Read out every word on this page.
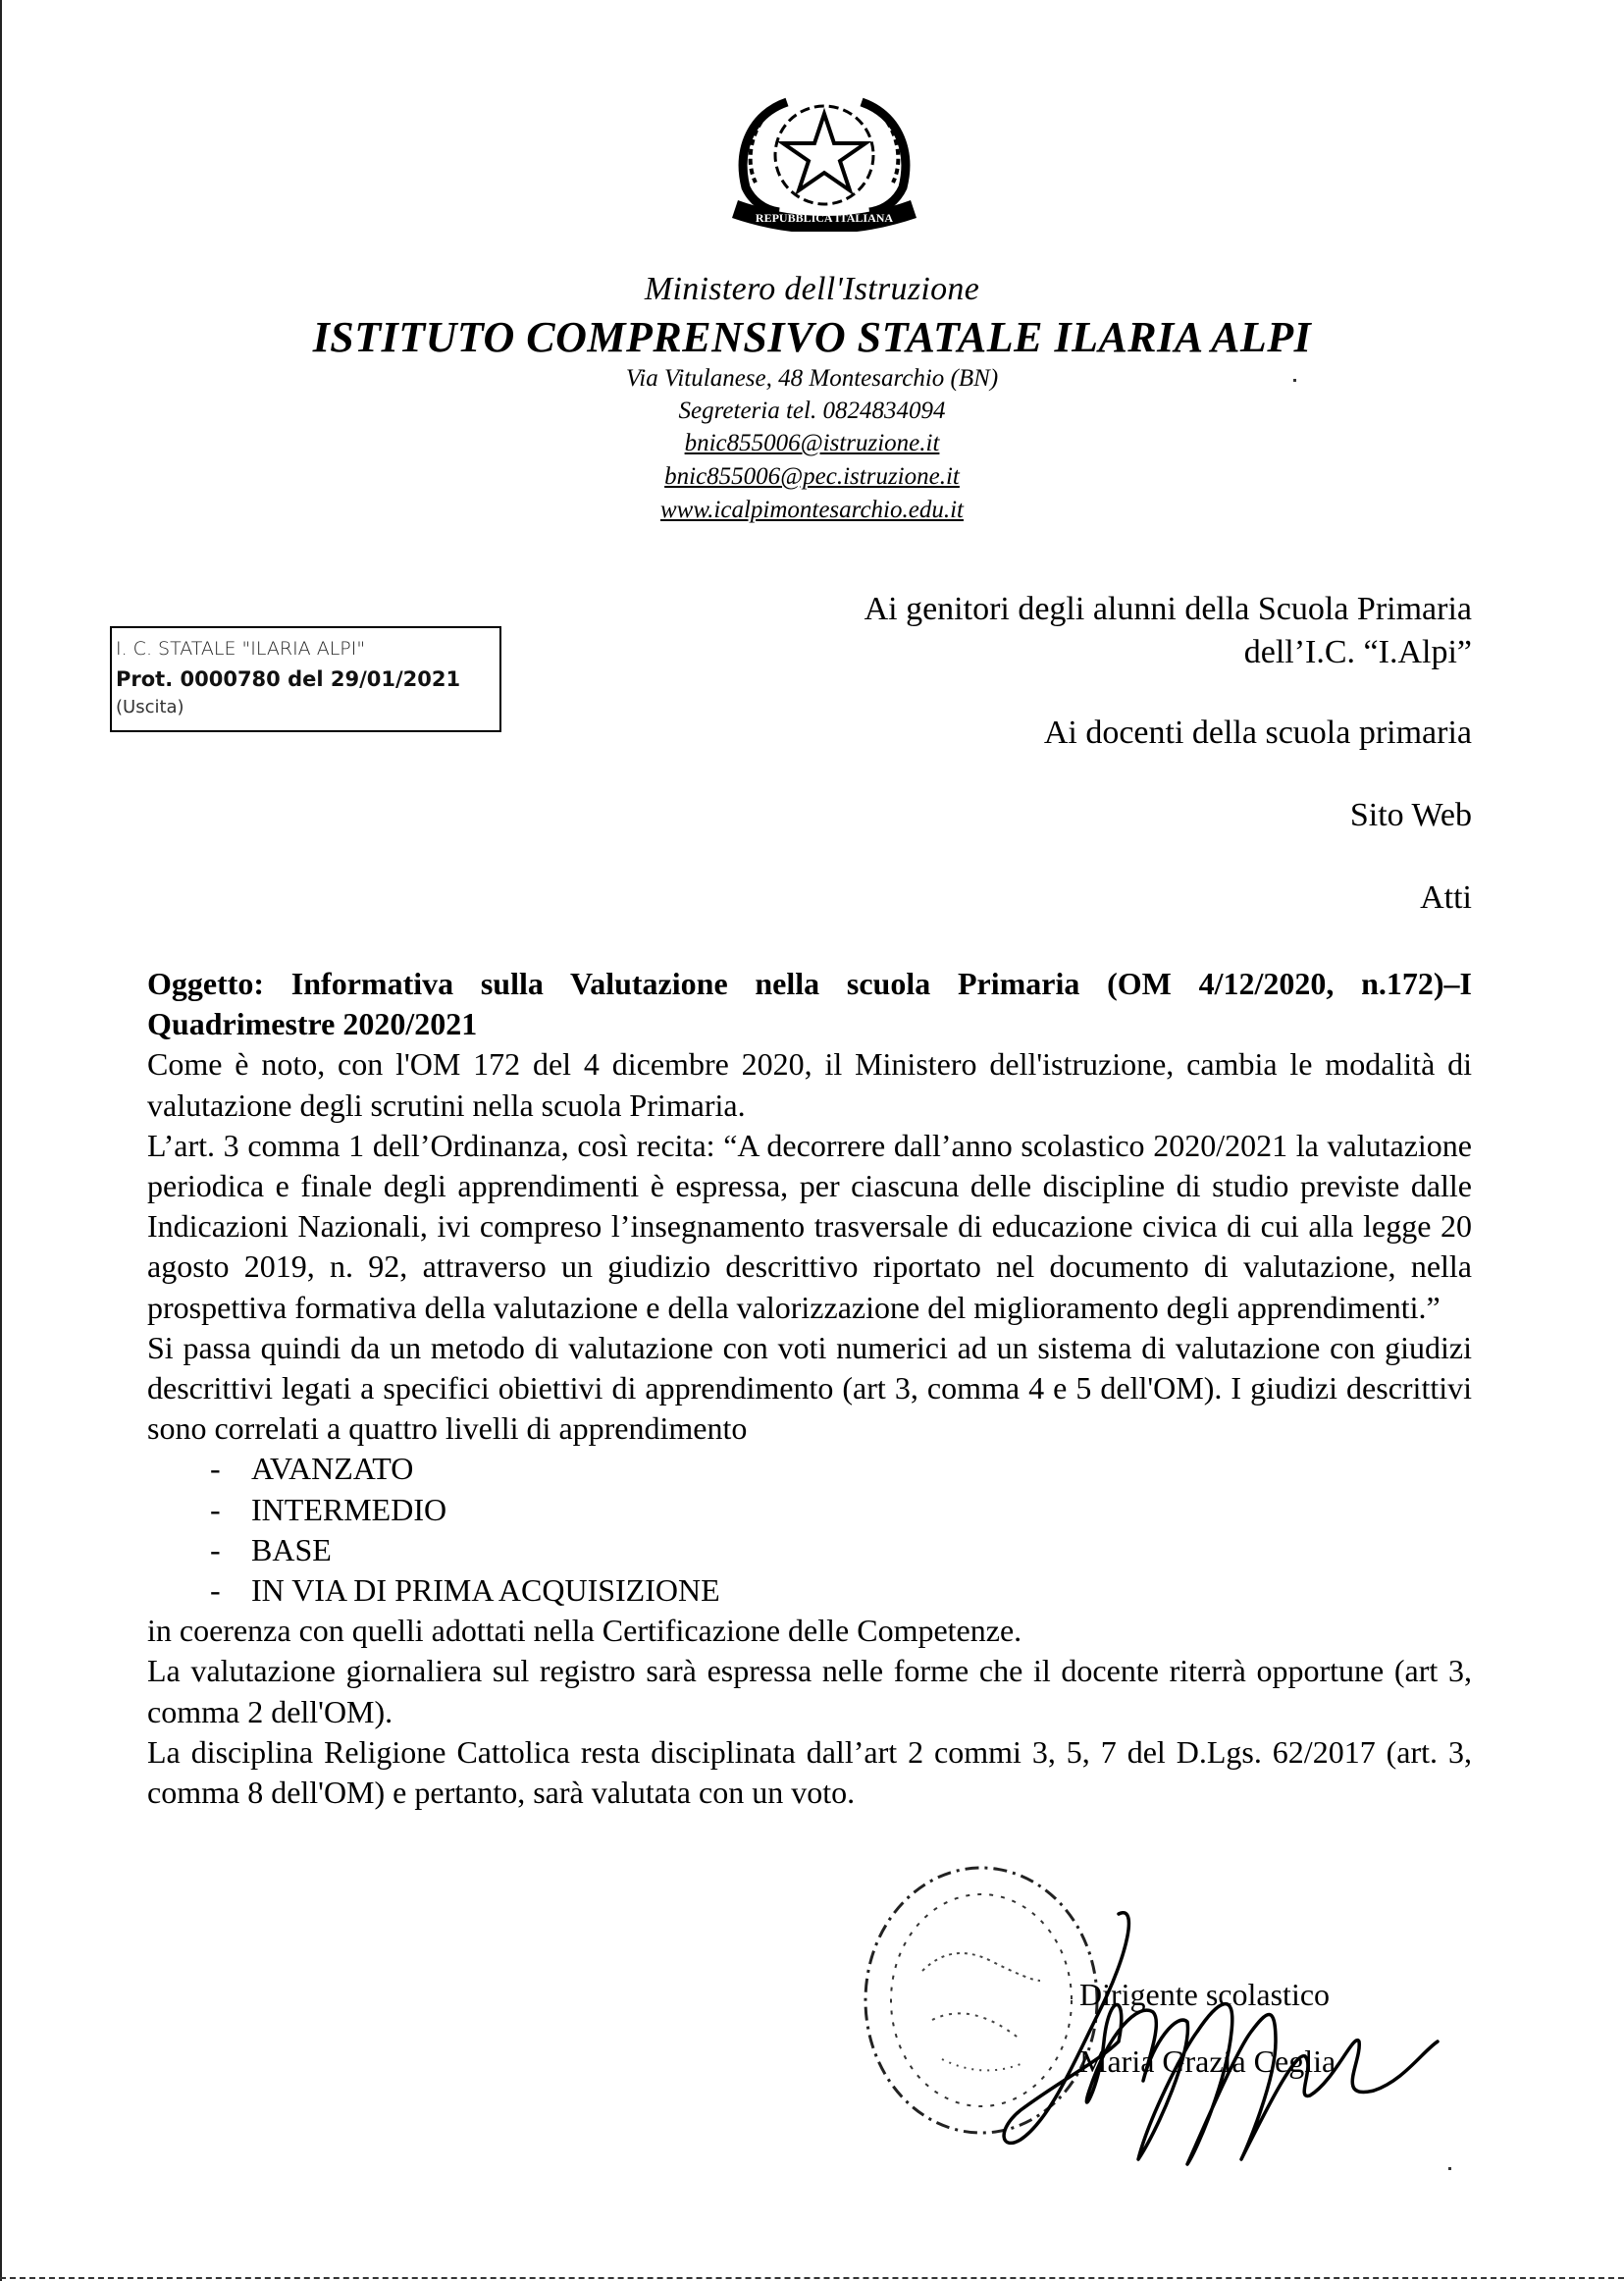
REPUBBLICA ITALIANA
Ministero dell'Istruzione
ISTITUTO COMPRENSIVO STATALE ILARIA ALPI
Via Vitulanese, 48 Montesarchio (BN)
Segreteria tel. 0824834094
bnic855006@istruzione.it
bnic855006@pec.istruzione.it
www.icalpimontesarchio.edu.it
I. C. STATALE "ILARIA ALPI"
Prot. 0000780 del 29/01/2021
(Uscita)
Ai genitori degli alunni della Scuola Primaria
dell’I.C. “I.Alpi”
Ai docenti della scuola primaria
Sito Web
Atti

Oggetto: Informativa sulla Valutazione nella scuola Primaria (OM 4/12/2020, n.172)–I Quadrimestre 2020/2021

Come è noto, con l'OM 172 del 4 dicembre 2020, il Ministero dell'istruzione, cambia le modalità di valutazione degli scrutini nella scuola Primaria.

L’art. 3 comma 1 dell’Ordinanza, così recita: “A decorrere dall’anno scolastico 2020/2021 la valutazione periodica e finale degli apprendimenti è espressa, per ciascuna delle discipline di studio previste dalle Indicazioni Nazionali, ivi compreso l’insegnamento trasversale di educazione civica di cui alla legge 20 agosto 2019, n. 92, attraverso un giudizio descrittivo riportato nel documento di valutazione, nella prospettiva formativa della valutazione e della valorizzazione del miglioramento degli apprendimenti.”

Si passa quindi da un metodo di valutazione con voti numerici ad un sistema di valutazione con giudizi descrittivi legati a specifici obiettivi di apprendimento (art 3, comma 4 e 5 dell'OM). I giudizi descrittivi sono correlati a quattro livelli di apprendimento

- AVANZATO
- INTERMEDIO
- BASE
- IN VIA DI PRIMA ACQUISIZIONE

in coerenza con quelli adottati nella Certificazione delle Competenze.

La valutazione giornaliera sul registro sarà espressa nelle forme che il docente riterrà opportune (art 3, comma 2 dell'OM).

La disciplina Religione Cattolica resta disciplinata dall’art 2 commi 3, 5, 7 del D.Lgs. 62/2017 (art. 3, comma 8 dell'OM) e pertanto, sarà valutata con un voto.

Dirigente scolastico
Maria Grazia Ceglia
